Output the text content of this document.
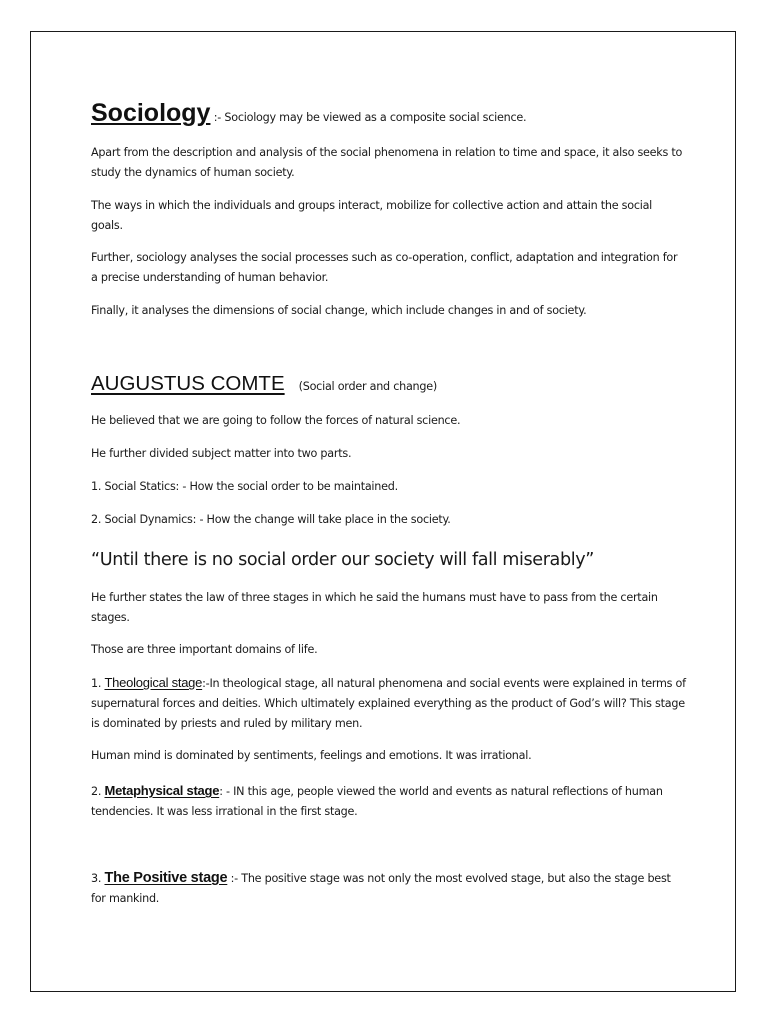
Sociology :- Sociology may be viewed as a composite social science.
Apart from the description and analysis of the social phenomena in relation to time and space, it also seeks to study the dynamics of human society.
The ways in which the individuals and groups interact, mobilize for collective action and attain the social goals.
Further, sociology analyses the social processes such as co-operation, conflict, adaptation and integration for a precise understanding of human behavior.
Finally, it analyses the dimensions of social change, which include changes in and of society.
AUGUSTUS COMTE (Social order and change)
He believed that we are going to follow the forces of natural science.
He further divided subject matter into two parts.
1. Social Statics: - How the social order to be maintained.
2. Social Dynamics: - How the change will take place in the society.
“Until there is no social order our society will fall miserably”
He further states the law of three stages in which he said the humans must have to pass from the certain stages.
Those are three important domains of life.
1. Theological stage:-In theological stage, all natural phenomena and social events were explained in terms of supernatural forces and deities. Which ultimately explained everything as the product of God’s will? This stage is dominated by priests and ruled by military men.
Human mind is dominated by sentiments, feelings and emotions. It was irrational.
2. Metaphysical stage: - IN this age, people viewed the world and events as natural reflections of human tendencies. It was less irrational in the first stage.
3. The Positive stage :- The positive stage was not only the most evolved stage, but also the stage best for mankind.
